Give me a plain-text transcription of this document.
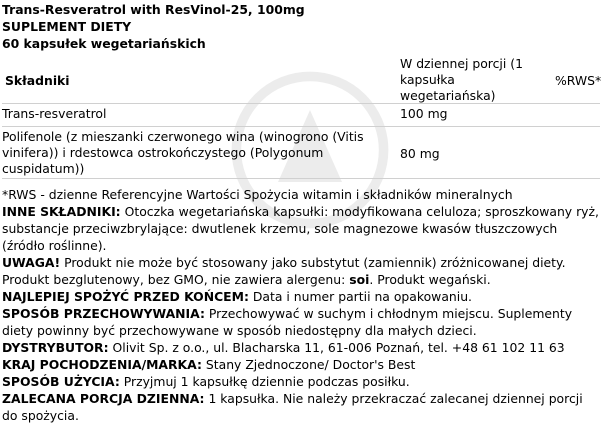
Trans-Resveratrol with ResVinol-25, 100mg
SUPLEMENT DIETY
60 kapsułek wegetariańskich
Składniki
W dziennej porcji (1 kapsułka wegetariańska)
%RWS*
Trans-resveratrol	100 mg
Polifenole (z mieszanki czerwonego wina (winogrono (Vitis vinifera)) i rdestowca ostrokończystego (Polygonum cuspidatum))
80 mg
*RWS - dzienne Referencyjne Wartości Spożycia witamin i składników mineralnych
INNE SKŁADNIKI: Otoczka wegetariańska kapsułki: modyfikowana celuloza; sproszkowany ryż, substancje przeciwzbrylające: dwutlenek krzemu, sole magnezowe kwasów tłuszczowych (źródło roślinne).
UWAGA! Produkt nie może być stosowany jako substytut (zamiennik) zróżnicowanej diety. Produkt bezglutenowy, bez GMO, nie zawiera alergenu: soi. Produkt wegański.
NAJLEPIEJ SPOŻYĆ PRZED KOŃCEM: Data i numer partii na opakowaniu.
SPOSÓB PRZECHOWYWANIA: Przechowywać w suchym i chłodnym miejscu. Suplementy diety powinny być przechowywane w sposób niedostępny dla małych dzieci.
DYSTRYBUTOR: Olivit Sp. z o.o., ul. Blacharska 11, 61-006 Poznań, tel. +48 61 102 11 63
KRAJ POCHODZENIA/MARKA: Stany Zjednoczone/ Doctor's Best
SPOSÓB UŻYCIA: Przyjmuj 1 kapsułkę dziennie podczas posiłku.
ZALECANA PORCJA DZIENNA: 1 kapsułka. Nie należy przekraczać zalecanej dziennej porcji do spożycia.
